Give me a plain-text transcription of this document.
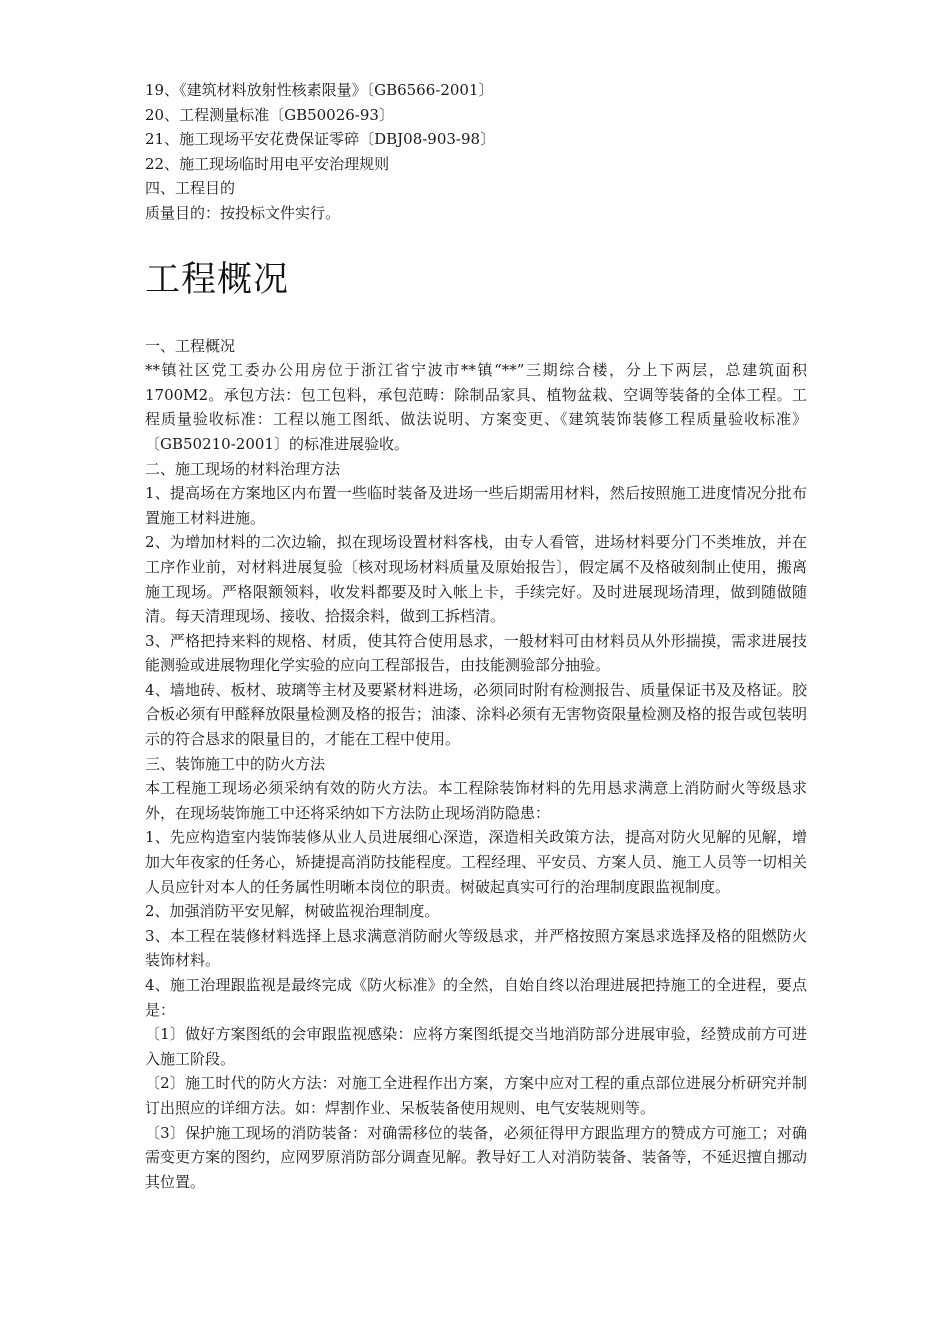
19、《建筑材料放射性核素限量》〔GB6566-2001〕

20、工程测量标准〔GB50026-93〕

21、施工现场平安花费保证零碎〔DBJ08-903-98〕

22、施工现场临时用电平安治理规则

四、工程目的

质量目的：按投标文件实行。

工程概况

一、工程概况

**镇社区党工委办公用房位于浙江省宁波市**镇“**”三期综合楼，分上下两层，总建筑面积1700M2。承包方法：包工包料，承包范畴：除制品家具、植物盆栽、空调等装备的全体工程。工程质量验收标准：工程以施工图纸、做法说明、方案变更、《建筑装饰装修工程质量验收标准》〔GB50210-2001〕的标准进展验收。

二、施工现场的材料治理方法

1、提高场在方案地区内布置一些临时装备及进场一些后期需用材料，然后按照施工进度情况分批布置施工材料进施。

2、为增加材料的二次边输，拟在现场设置材料客栈，由专人看管，进场材料要分门不类堆放，并在工序作业前，对材料进展复验〔核对现场材料质量及原始报告〕，假定属不及格破刻制止使用，搬离施工现场。严格限额领料，收发料都要及时入帐上卡，手续完好。及时进展现场清理，做到随做随清。每天清理现场、接收、拾掇余料，做到工拆档清。

3、严格把持来料的规格、材质，使其符合使用恳求，一般材料可由材料员从外形揣摸，需求进展技能测验或进展物理化学实验的应向工程部报告，由技能测验部分抽验。

4、墙地砖、板材、玻璃等主材及要紧材料进场，必须同时附有检测报告、质量保证书及及格证。胶合板必须有甲醛释放限量检测及格的报告；油漆、涂料必须有无害物资限量检测及格的报告或包装明示的符合恳求的限量目的，才能在工程中使用。

三、装饰施工中的防火方法

本工程施工现场必须采纳有效的防火方法。本工程除装饰材料的先用恳求满意上消防耐火等级恳求外，在现场装饰施工中还将采纳如下方法防止现场消防隐患：

1、先应构造室内装饰装修从业人员进展细心深造，深造相关政策方法，提高对防火见解的见解，增加大年夜家的任务心，矫捷提高消防技能程度。工程经理、平安员、方案人员、施工人员等一切相关人员应针对本人的任务属性明晰本岗位的职责。树破起真实可行的治理制度跟监视制度。

2、加强消防平安见解，树破监视治理制度。

3、本工程在装修材料选择上恳求满意消防耐火等级恳求，并严格按照方案恳求选择及格的阻燃防火装饰材料。

4、施工治理跟监视是最终完成《防火标准》的全然，自始自终以治理进展把持施工的全进程，要点是：

〔1〕做好方案图纸的会审跟监视感染：应将方案图纸提交当地消防部分进展审验，经赞成前方可进入施工阶段。

〔2〕施工时代的防火方法：对施工全进程作出方案，方案中应对工程的重点部位进展分析研究并制订出照应的详细方法。如：焊割作业、呆板装备使用规则、电气安装规则等。

〔3〕保护施工现场的消防装备：对确需移位的装备，必须征得甲方跟监理方的赞成方可施工；对确需变更方案的图约，应网罗原消防部分调查见解。教导好工人对消防装备、装备等，不延迟擅自挪动其位置。
